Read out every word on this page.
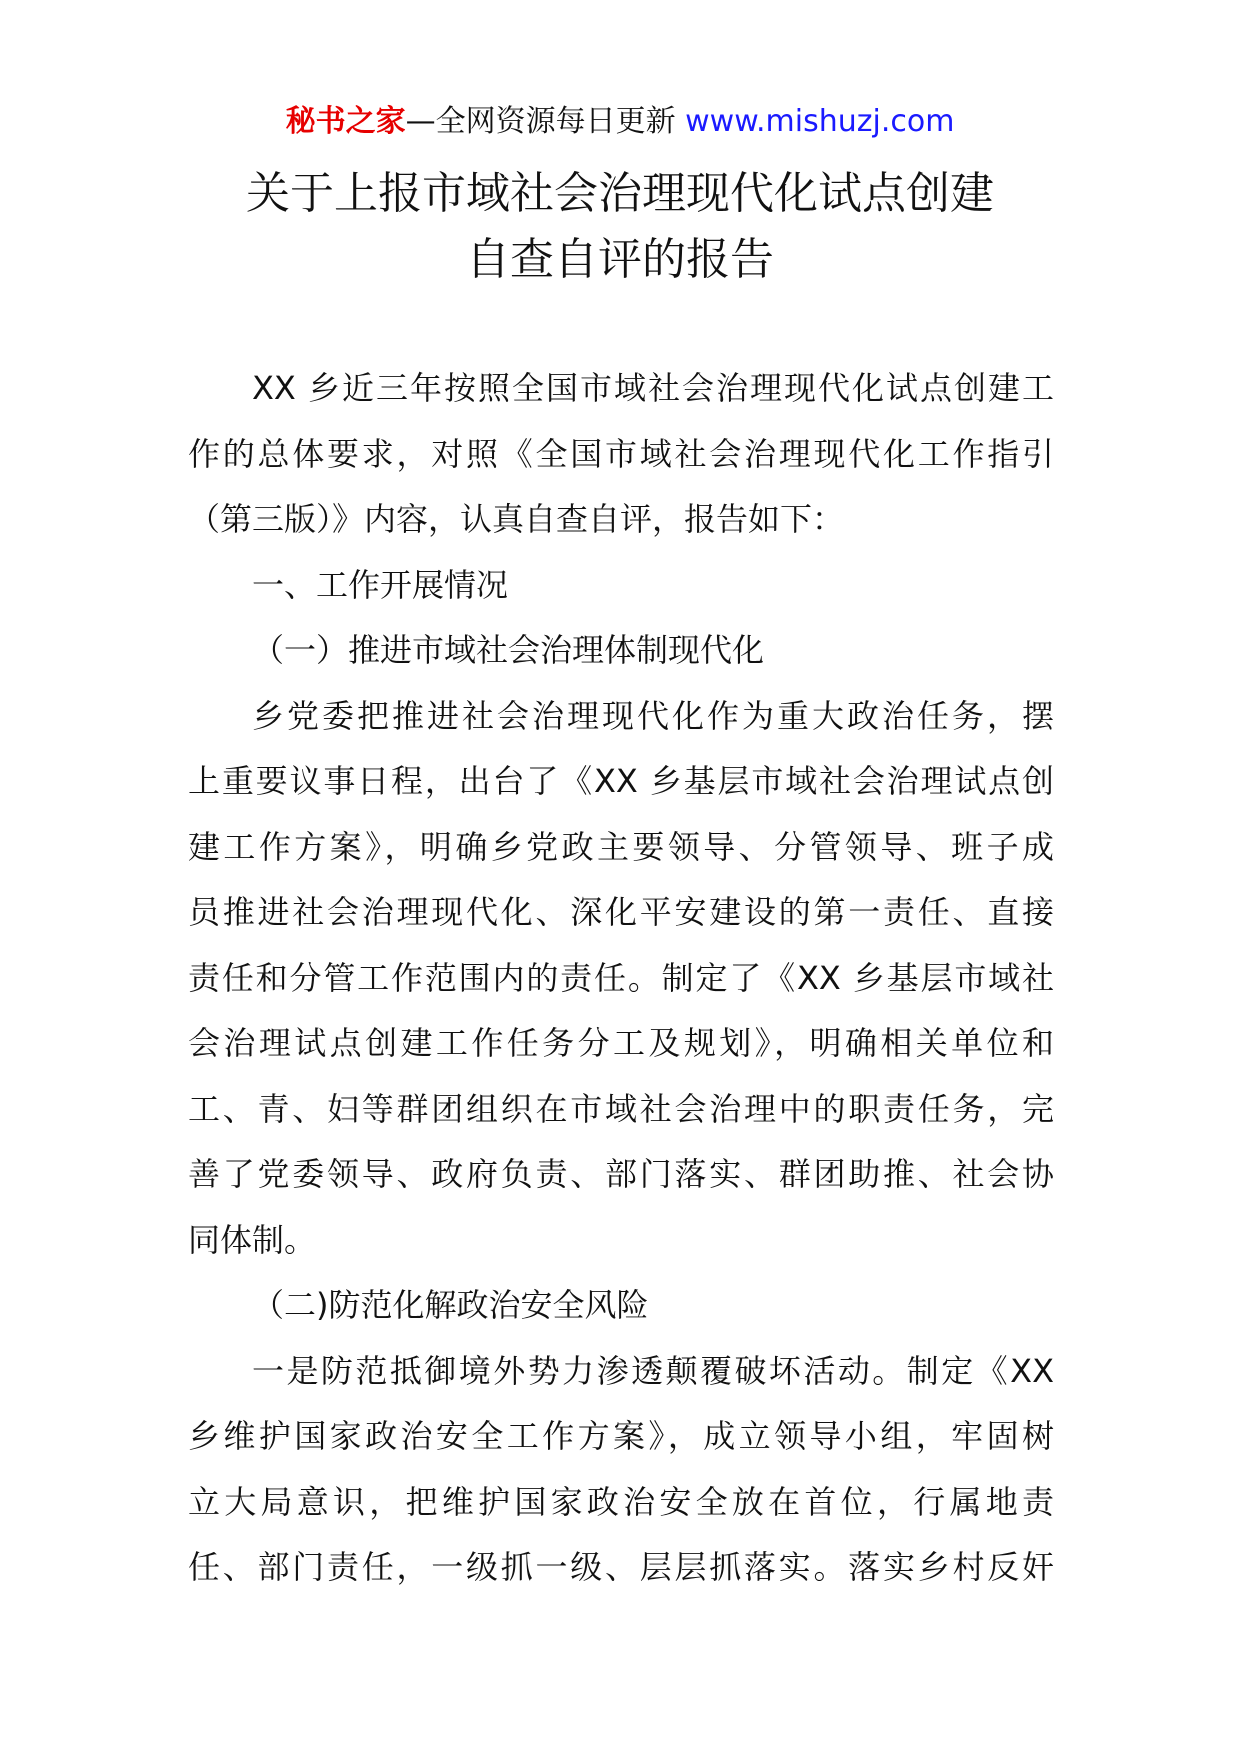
秘书之家—全网资源每日更新 www.mishuzj.com
关于上报市域社会治理现代化试点创建
自查自评的报告
XX 乡近三年按照全国市域社会治理现代化试点创建工
作的总体要求，对照《全国市域社会治理现代化工作指引
（第三版）》内容，认真自查自评，报告如下：
一、工作开展情况
（一）推进市域社会治理体制现代化
乡党委把推进社会治理现代化作为重大政治任务，摆
上重要议事日程，出台了《XX 乡基层市域社会治理试点创
建工作方案》，明确乡党政主要领导、分管领导、班子成
员推进社会治理现代化、深化平安建设的第一责任、直接
责任和分管工作范围内的责任。制定了《XX 乡基层市域社
会治理试点创建工作任务分工及规划》，明确相关单位和
工、青、妇等群团组织在市域社会治理中的职责任务，完
善了党委领导、政府负责、部门落实、群团助推、社会协
同体制。
（二)防范化解政治安全风险
一是防范抵御境外势力渗透颠覆破坏活动。制定《XX
乡维护国家政治安全工作方案》，成立领导小组，牢固树
立大局意识，把维护国家政治安全放在首位，行属地责
任、部门责任，一级抓一级、层层抓落实。落实乡村反奸
